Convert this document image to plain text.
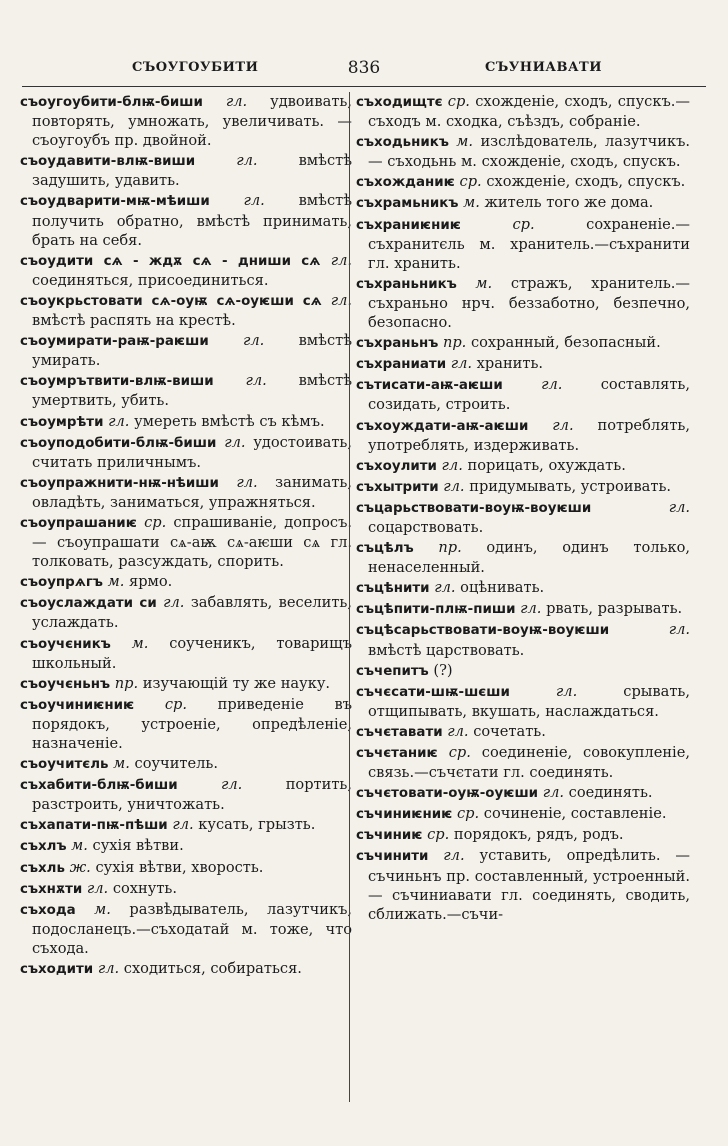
СЪОУГОУБИТИ	836	СЪУНИАВАТИ

съоугоубити-блѭ-биши гл. удвоивать, повторять, умножать, увеличивать. —съоугоубъ пр. двойной.

съоудавити-влѭ-виши	гл.	вмѣстѣ задушить, удавить.

съоудварити-мѭ-мѣиши гл. вмѣстѣ получить обратно, вмѣстѣ принимать, брать на себя.

съоудити сѧ - ждѫ сѧ - дниши сѧ гл. соединяться, присоединиться.

съоукрьстовати сѧ-оуѭ сѧ-оуѥши сѧ гл. вмѣстѣ распять на крестѣ.

съоумирати-раѭ-раѥши гл. вмѣстѣ умирать.

съоумрътвити-влѭ-виши гл. вмѣстѣ умертвить, убить.

съоумрѣти гл. умереть вмѣстѣ съ кѣмъ.

съоуподобити-блѭ-биши гл. удостоивать, считать приличнымъ.

съоупражнити-нѭ-нѣиши гл. занимать, овладѣть, заниматься, упражняться.

съоупрашаниѥ ср. спрашиваніе, допросъ. — съоупрашати сѧ-аѭ сѧ-аѥши сѧ гл. толковать, разсуждать, спорить.

съоупрѧгъ м. ярмо.

съоуслаждати си гл. забавлять, веселить, услаждать.

съоучєникъ м. соученикъ, товарищъ школьный.

съоучєньнъ пр. изучающій ту же науку.

съоучиниѥниѥ ср. приведеніе въ порядокъ, устроеніе, опредѣленіе, назначеніе.

съоучитєль м. соучитель.

съхабити-блѭ-биши	гл.	портить, разстроить, уничтожать.

съхапати-пѭ-пѣши гл. кусать, грызть.

съхлъ м. сухія вѣтви.

съхль ж. сухія вѣтви, хворость.

съхнѫти гл. сохнуть.

съхода м. развѣдыватель, лазутчикъ, подосланецъ.—съходатай м. тоже, что съхода.

съходити гл. сходиться, собираться.

съходищтє ср. схожденіе, сходъ, спускъ.—съходъ м. сходка, съѣздъ, собраніе.

съходьникъ м. изслѣдователь, лазутчикъ. — съходьнь м. схожденіе, сходъ, спускъ.

съхожданиѥ ср. схожденіе, сходъ, спускъ.

съхрамьникъ м. житель того же дома.

съхраниѥниѥ	ср.	сохраненіе.—съхранитєль м. хранитель.—съхранити гл. хранить.

съхраньникъ м. стражъ, хранитель.— съхраньно нрч. беззаботно, безпечно, безопасно.

съхраньнъ пр. сохранный, безопасный.

съхраниати гл. хранить.

сътисати-аѭ-аѥши	гл.	составлять, созидать, строить.

съхоуждати-аѭ-аѥши гл. потреблять, употреблять, издерживать.

съхоулити гл. порицать, охуждать.

съхытрити гл. придумывать, устроивать.

съцарьствовати-воуѭ-воуѥши	гл. соцарствовать.

съцѣлъ пр. одинъ, одинъ только, ненаселенный.

съцѣнити гл. оцѣнивать.

съцѣпити-плѭ-пиши гл. рвать, разрывать.

съцѣсарьствовати-воуѭ-воуѥши	гл. вмѣстѣ царствовать.

съчепитъ (?)

съчєсати-шѭ-шєши	гл.	срывать, отщипывать, вкушать, наслаждаться.

съчєтавати гл. сочетать.

съчєтаниѥ ср. соединеніе, совокупленіе, связь.—съчєтати гл. соединять.

съчєтовати-оуѭ-оуѥши гл. соединять.

съчиниѥниѥ ср. сочиненіе, составленіе.

съчиниѥ ср. порядокъ, рядъ, родъ.

съчинити гл. уставить, опредѣлить. — съчиньнъ пр. составленный, устроенный. — съчиниавати гл. соединять, сводить, сближать.—съчи-
